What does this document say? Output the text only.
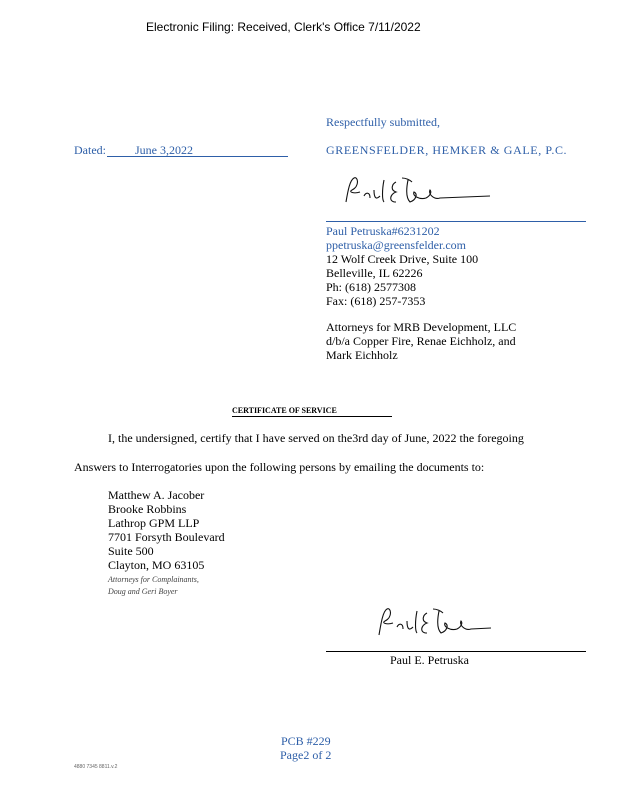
Electronic Filing: Received, Clerk's Office 7/11/2022
Respectfully submitted,
Dated: June 3,2022	GREENSFELDER, HEMKER & GALE, P.C.
Paul Petruska#6231202
ppetruska@greensfelder.com
12 Wolf Creek Drive, Suite 100
Belleville, IL 62226
Ph: (618) 2577308
Fax: (618) 257-7353
Attorneys for MRB Development, LLC
d/b/a Copper Fire, Renae Eichholz, and
Mark Eichholz
CERTIFICATE OF SERVICE
I, the undersigned, certify that I have served on the3rd day of June, 2022 the foregoing
Answers to Interrogatories upon the following persons by emailing the documents to:
Matthew A. Jacober
Brooke Robbins
Lathrop GPM LLP
7701 Forsyth Boulevard
Suite 500
Clayton, MO 63105
Attorneys for Complainants,
Doug and Geri Boyer
Paul E. Petruska
PCB #229
Page2 of 2
4880 7345 8811.v.2
